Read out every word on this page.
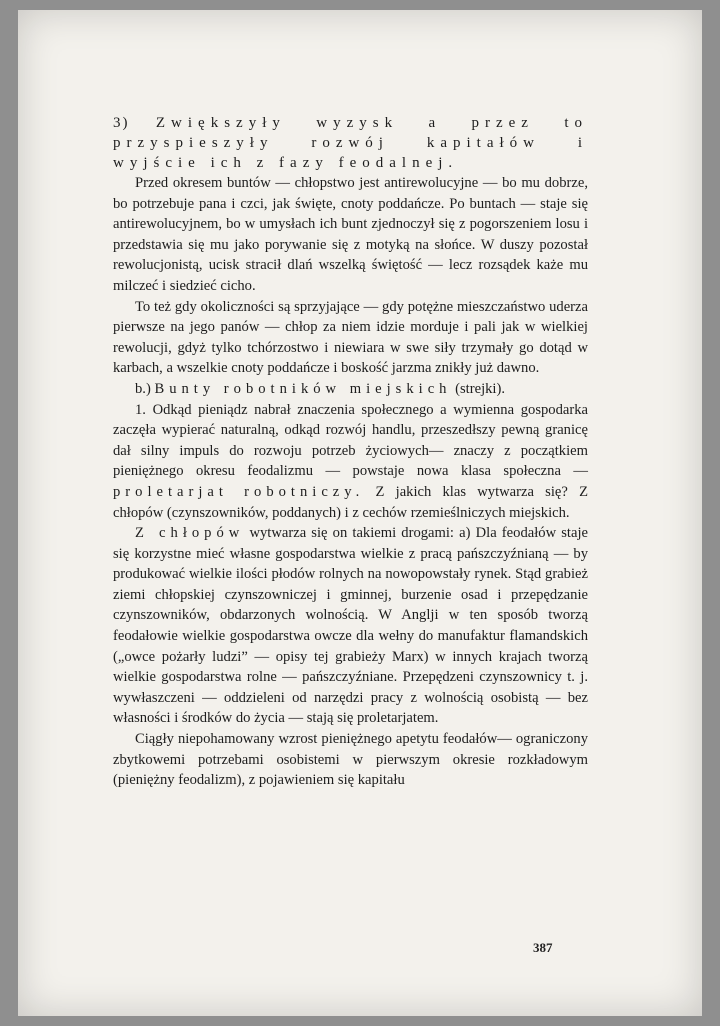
3) Zwiększyły wyzysk a przez to przyspieszyły rozwój kapitałów i wyjście ich z fazy feodalnej.

Przed okresem buntów — chłopstwo jest antirewolucyjne — bo mu dobrze, bo potrzebuje pana i czci, jak święte, cnoty poddańcze. Po buntach — staje się antirewolucyjnem, bo w umysłach ich bunt zjednoczył się z pogorszeniem losu i przedstawia się mu jako porywanie się z motyką na słońce. W duszy pozostał rewolucjonistą, ucisk stracił dlań wszelką świętość — lecz rozsądek każe mu milczeć i siedzieć cicho.

To też gdy okoliczności są sprzyjające — gdy potężne mieszczaństwo uderza pierwsze na jego panów — chłop za niem idzie morduje i pali jak w wielkiej rewolucji, gdyż tylko tchórzostwo i niewiara w swe siły trzymały go dotąd w karbach, a wszelkie cnoty poddańcze i boskość jarzma znikły już dawno.

b.) Bunty robotników miejskich (strejki).

1. Odkąd pieniądz nabrał znaczenia społecznego a wymienna gospodarka zaczęła wypierać naturalną, odkąd rozwój handlu, przeszedłszy pewną granicę dał silny impuls do rozwoju potrzeb życiowych— znaczy z początkiem pieniężnego okresu feodalizmu — powstaje nowa klasa społeczna — proletarjat robotniczy. Z jakich klas wytwarza się? Z chłopów (czynszowników, poddanych) i z cechów rzemieślniczych miejskich.

Z chłopów wytwarza się on takiemi drogami: a) Dla feodałów staje się korzystne mieć własne gospodarstwa wielkie z pracą pańszczyźnianą — by produkować wielkie ilości płodów rolnych na nowopowstały rynek. Stąd grabież ziemi chłopskiej czynszowniczej i gminnej, burzenie osad i przepędzanie czynszowników, obdarzonych wolnością. W Anglji w ten sposób tworzą feodałowie wielkie gospodarstwa owcze dla wełny do manufaktur flamandskich („owce pożarły ludzi” — opisy tej grabieży Marx) w innych krajach tworzą wielkie gospodarstwa rolne — pańszczyźniane. Przepędzeni czynszownicy t. j. wywłaszczeni — oddzieleni od narzędzi pracy z wolnością osobistą — bez własności i środków do życia — stają się proletarjatem.

Ciągły niepohamowany wzrost pieniężnego apetytu feodałów— ograniczony zbytkowemi potrzebami osobistemi w pierwszym okresie rozkładowym (pieniężny feodalizm), z pojawieniem się kapitału

387
